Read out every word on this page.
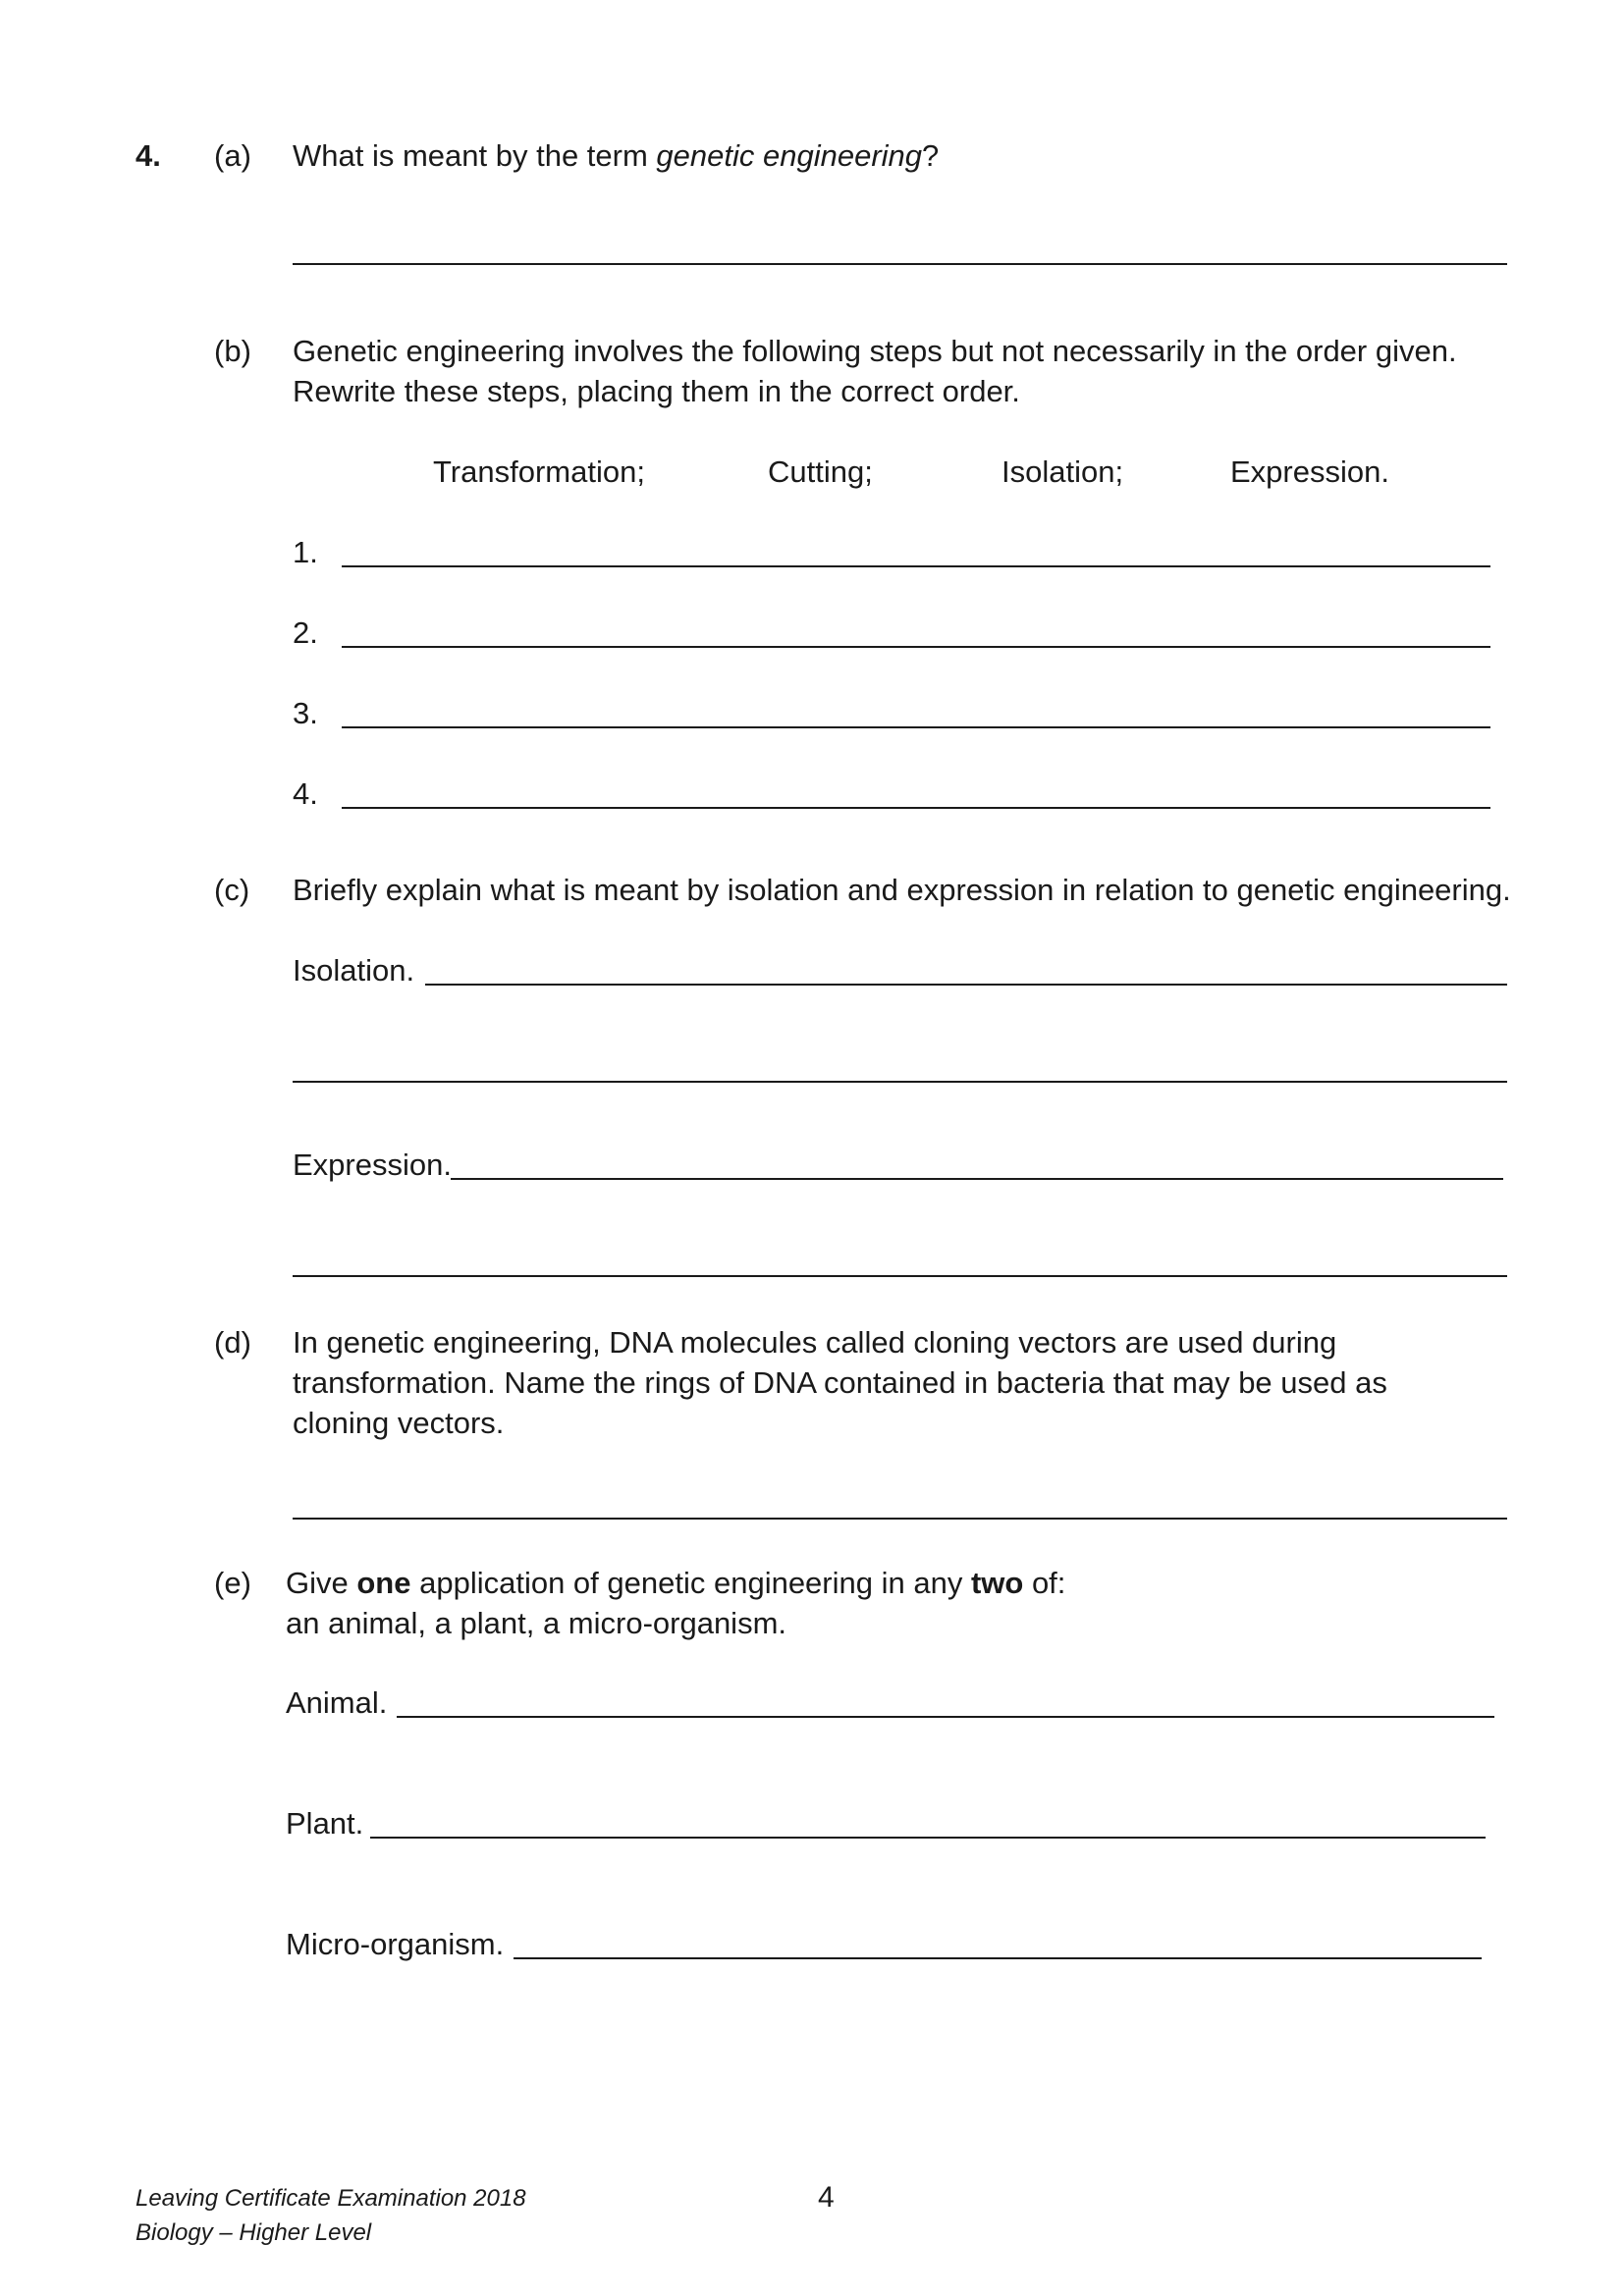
4. (a) What is meant by the term genetic engineering?
(b) Genetic engineering involves the following steps but not necessarily in the order given.
Rewrite these steps, placing them in the correct order.
Transformation;	Cutting;	Isolation;	Expression.
1.
2.
3.
4.
(c) Briefly explain what is meant by isolation and expression in relation to genetic engineering.
Isolation.
Expression.
(d) In genetic engineering, DNA molecules called cloning vectors are used during
transformation. Name the rings of DNA contained in bacteria that may be used as
cloning vectors.
(e) Give one application of genetic engineering in any two of:
an animal, a plant, a micro-organism.
Animal.
Plant.
Micro-organism.
Leaving Certificate Examination 2018
Biology – Higher Level
4
